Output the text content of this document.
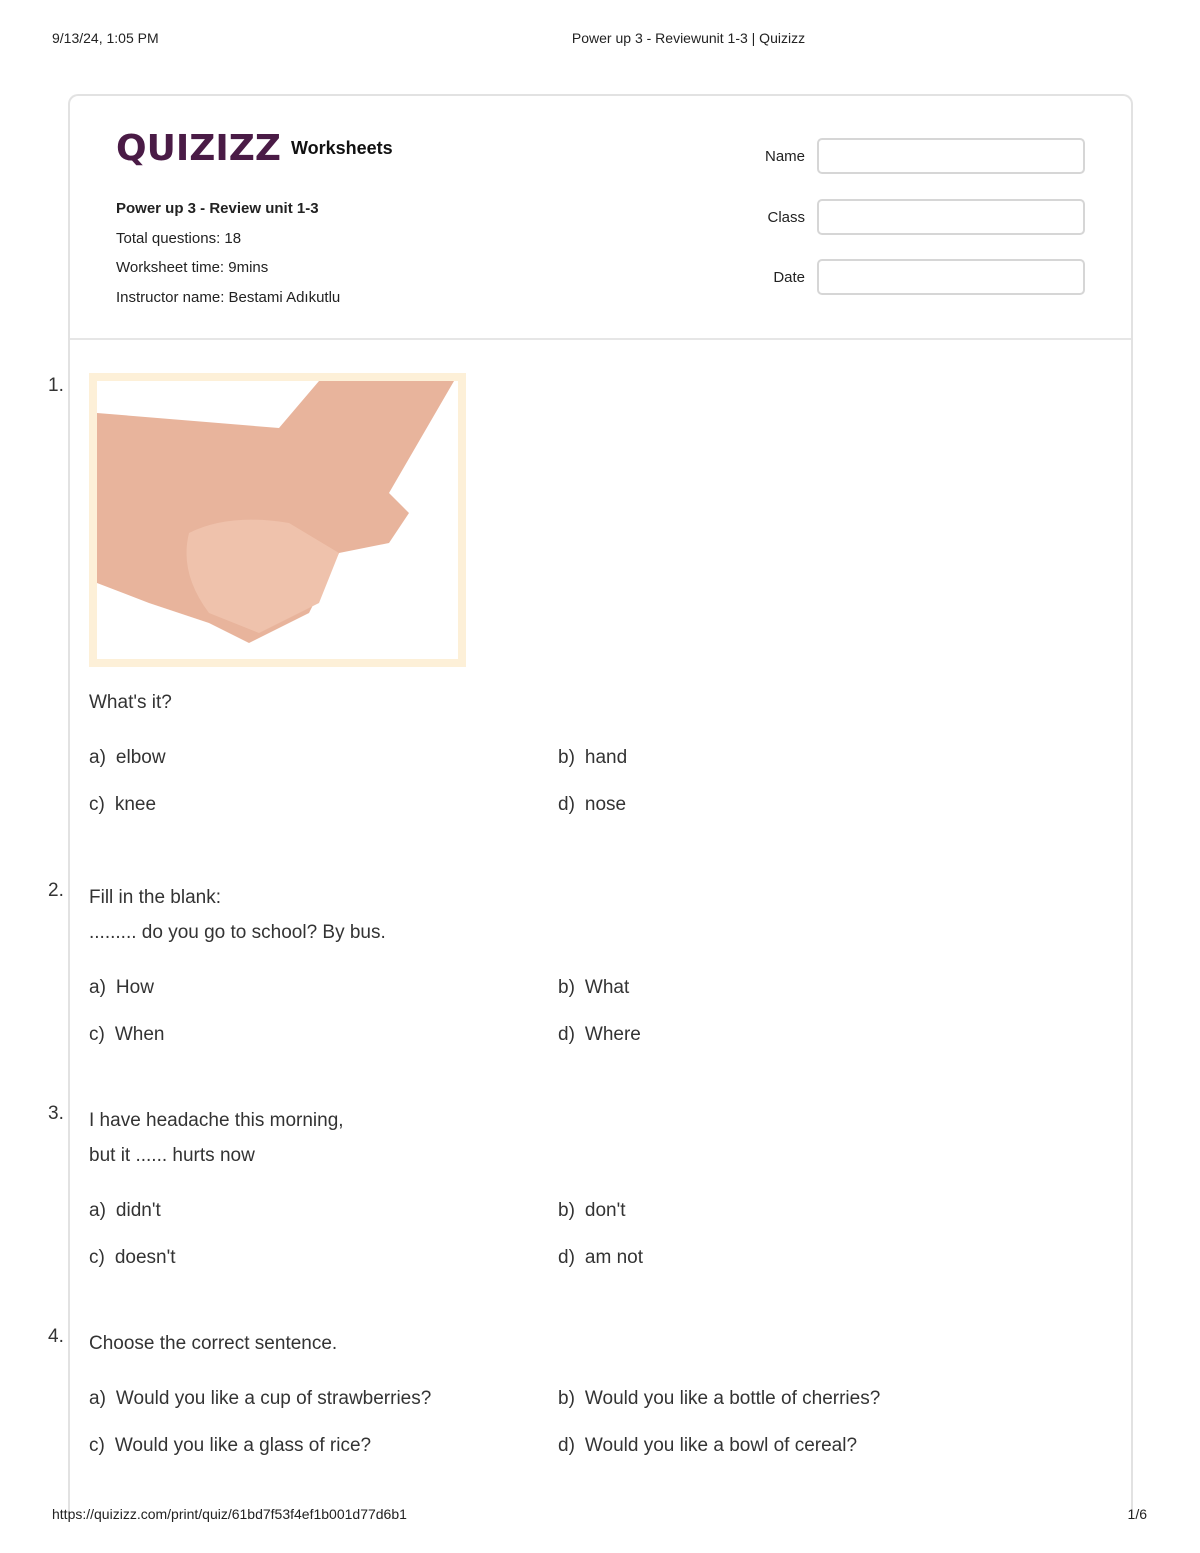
9/13/24, 1:05 PM	Power up 3 - Reviewunit 1-3 | Quizizz
QUIZIZZ Worksheets
Power up 3 - Review unit 1-3
Total questions: 18
Worksheet time: 9mins
Instructor name: Bestami Adıkutlu
Name
Class
Date
1.
What's it?
a) elbow	b) hand
c) knee	d) nose
2. Fill in the blank:
......... do you go to school? By bus.
a) How	b) What
c) When	d) Where
3. I have headache this morning,
but it ...... hurts now
a) didn't	b) don't
c) doesn't	d) am not
4. Choose the correct sentence.
a) Would you like a cup of strawberries?	b) Would you like a bottle of cherries?
c) Would you like a glass of rice?	d) Would you like a bowl of cereal?
https://quizizz.com/print/quiz/61bd7f53f4ef1b001d77d6b1	1/6
